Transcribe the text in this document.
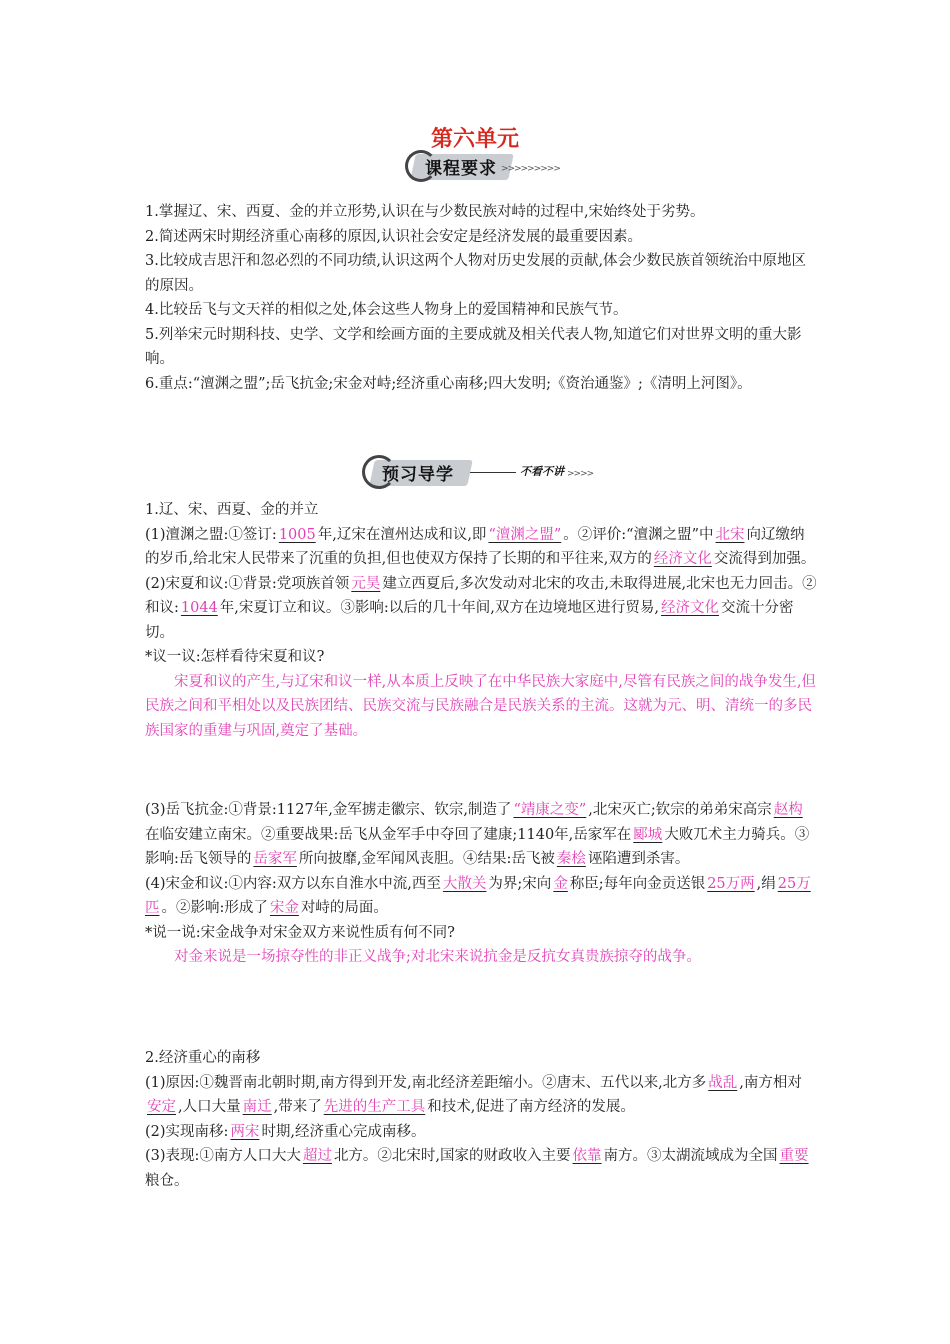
第六单元
课程要求 >>>>>>>>>
1.掌握辽、宋、西夏、金的并立形势,认识在与少数民族对峙的过程中,宋始终处于劣势。
2.简述两宋时期经济重心南移的原因,认识社会安定是经济发展的最重要因素。
3.比较成吉思汗和忽必烈的不同功绩,认识这两个人物对历史发展的贡献,体会少数民族首领统治中原地区的原因。
4.比较岳飞与文天祥的相似之处,体会这些人物身上的爱国精神和民族气节。
5.列举宋元时期科技、史学、文学和绘画方面的主要成就及相关代表人物,知道它们对世界文明的重大影响。
6.重点:“澶渊之盟”;岳飞抗金;宋金对峙;经济重心南移;四大发明;《资治通鉴》;《清明上河图》。
预习导学	不看不讲 >>>>
1.辽、宋、西夏、金的并立
(1)澶渊之盟:①签订: 1005 年,辽宋在澶州达成和议,即 “澶渊之盟” 。②评价:“澶渊之盟”中 北宋 向辽缴纳的岁币,给北宋人民带来了沉重的负担,但也使双方保持了长期的和平往来,双方的 经济文化 交流得到加强。
(2)宋夏和议:①背景:党项族首领 元昊 建立西夏后,多次发动对北宋的攻击,未取得进展,北宋也无力回击。②和议: 1044 年,宋夏订立和议。③影响:以后的几十年间,双方在边境地区进行贸易, 经济文化 交流十分密切。
*议一议:怎样看待宋夏和议?
宋夏和议的产生,与辽宋和议一样,从本质上反映了在中华民族大家庭中,尽管有民族之间的战争发生,但民族之间和平相处以及民族团结、民族交流与民族融合是民族关系的主流。这就为元、明、清统一的多民族国家的重建与巩固,奠定了基础。
(3)岳飞抗金:①背景:1127年,金军掳走徽宗、钦宗,制造了 “靖康之变” ,北宋灭亡;钦宗的弟弟宋高宗 赵构在临安建立南宋。②重要战果:岳飞从金军手中夺回了建康;1140年,岳家军在 郾城 大败兀术主力骑兵。③影响:岳飞领导的 岳家军 所向披靡,金军闻风丧胆。④结果:岳飞被 秦桧 诬陷遭到杀害。
(4)宋金和议:①内容:双方以东自淮水中流,西至 大散关 为界;宋向 金 称臣;每年向金贡送银 25万两 ,绢 25万匹 。②影响:形成了 宋金 对峙的局面。
*说一说:宋金战争对宋金双方来说性质有何不同?
对金来说是一场掠夺性的非正义战争;对北宋来说抗金是反抗女真贵族掠夺的战争。
2.经济重心的南移
(1)原因:①魏晋南北朝时期,南方得到开发,南北经济差距缩小。②唐末、五代以来,北方多 战乱 ,南方相对安定 ,人口大量 南迁 ,带来了 先进的生产工具 和技术,促进了南方经济的发展。
(2)实现南移: 两宋 时期,经济重心完成南移。
(3)表现:①南方人口大大 超过 北方。②北宋时,国家的财政收入主要 依靠 南方。③太湖流域成为全国 重要粮仓。
